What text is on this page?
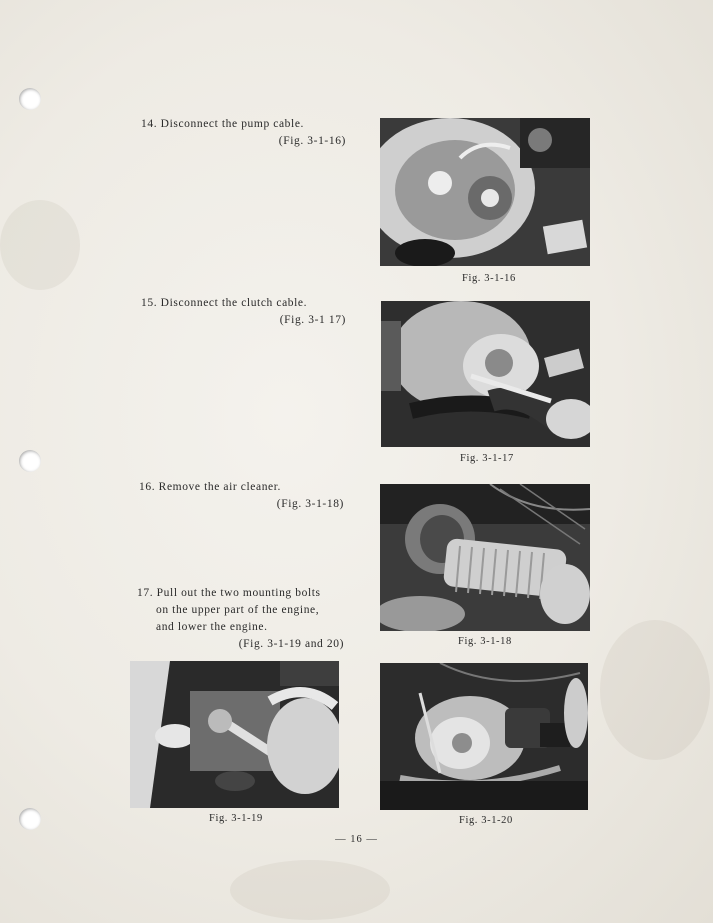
14. Disconnect the pump cable.
(Fig. 3-1-16)
15. Disconnect the clutch cable.
(Fig. 3-1 17)
16. Remove the air cleaner.
(Fig. 3-1-18)
17. Pull out the two mounting bolts
on the upper part of the engine,
and lower the engine.
(Fig. 3-1-19 and 20)
Fig. 3-1-16
Fig. 3-1-17
Fig. 3-1-18
Fig. 3-1-19	Fig. 3-1-20
— 16 —
